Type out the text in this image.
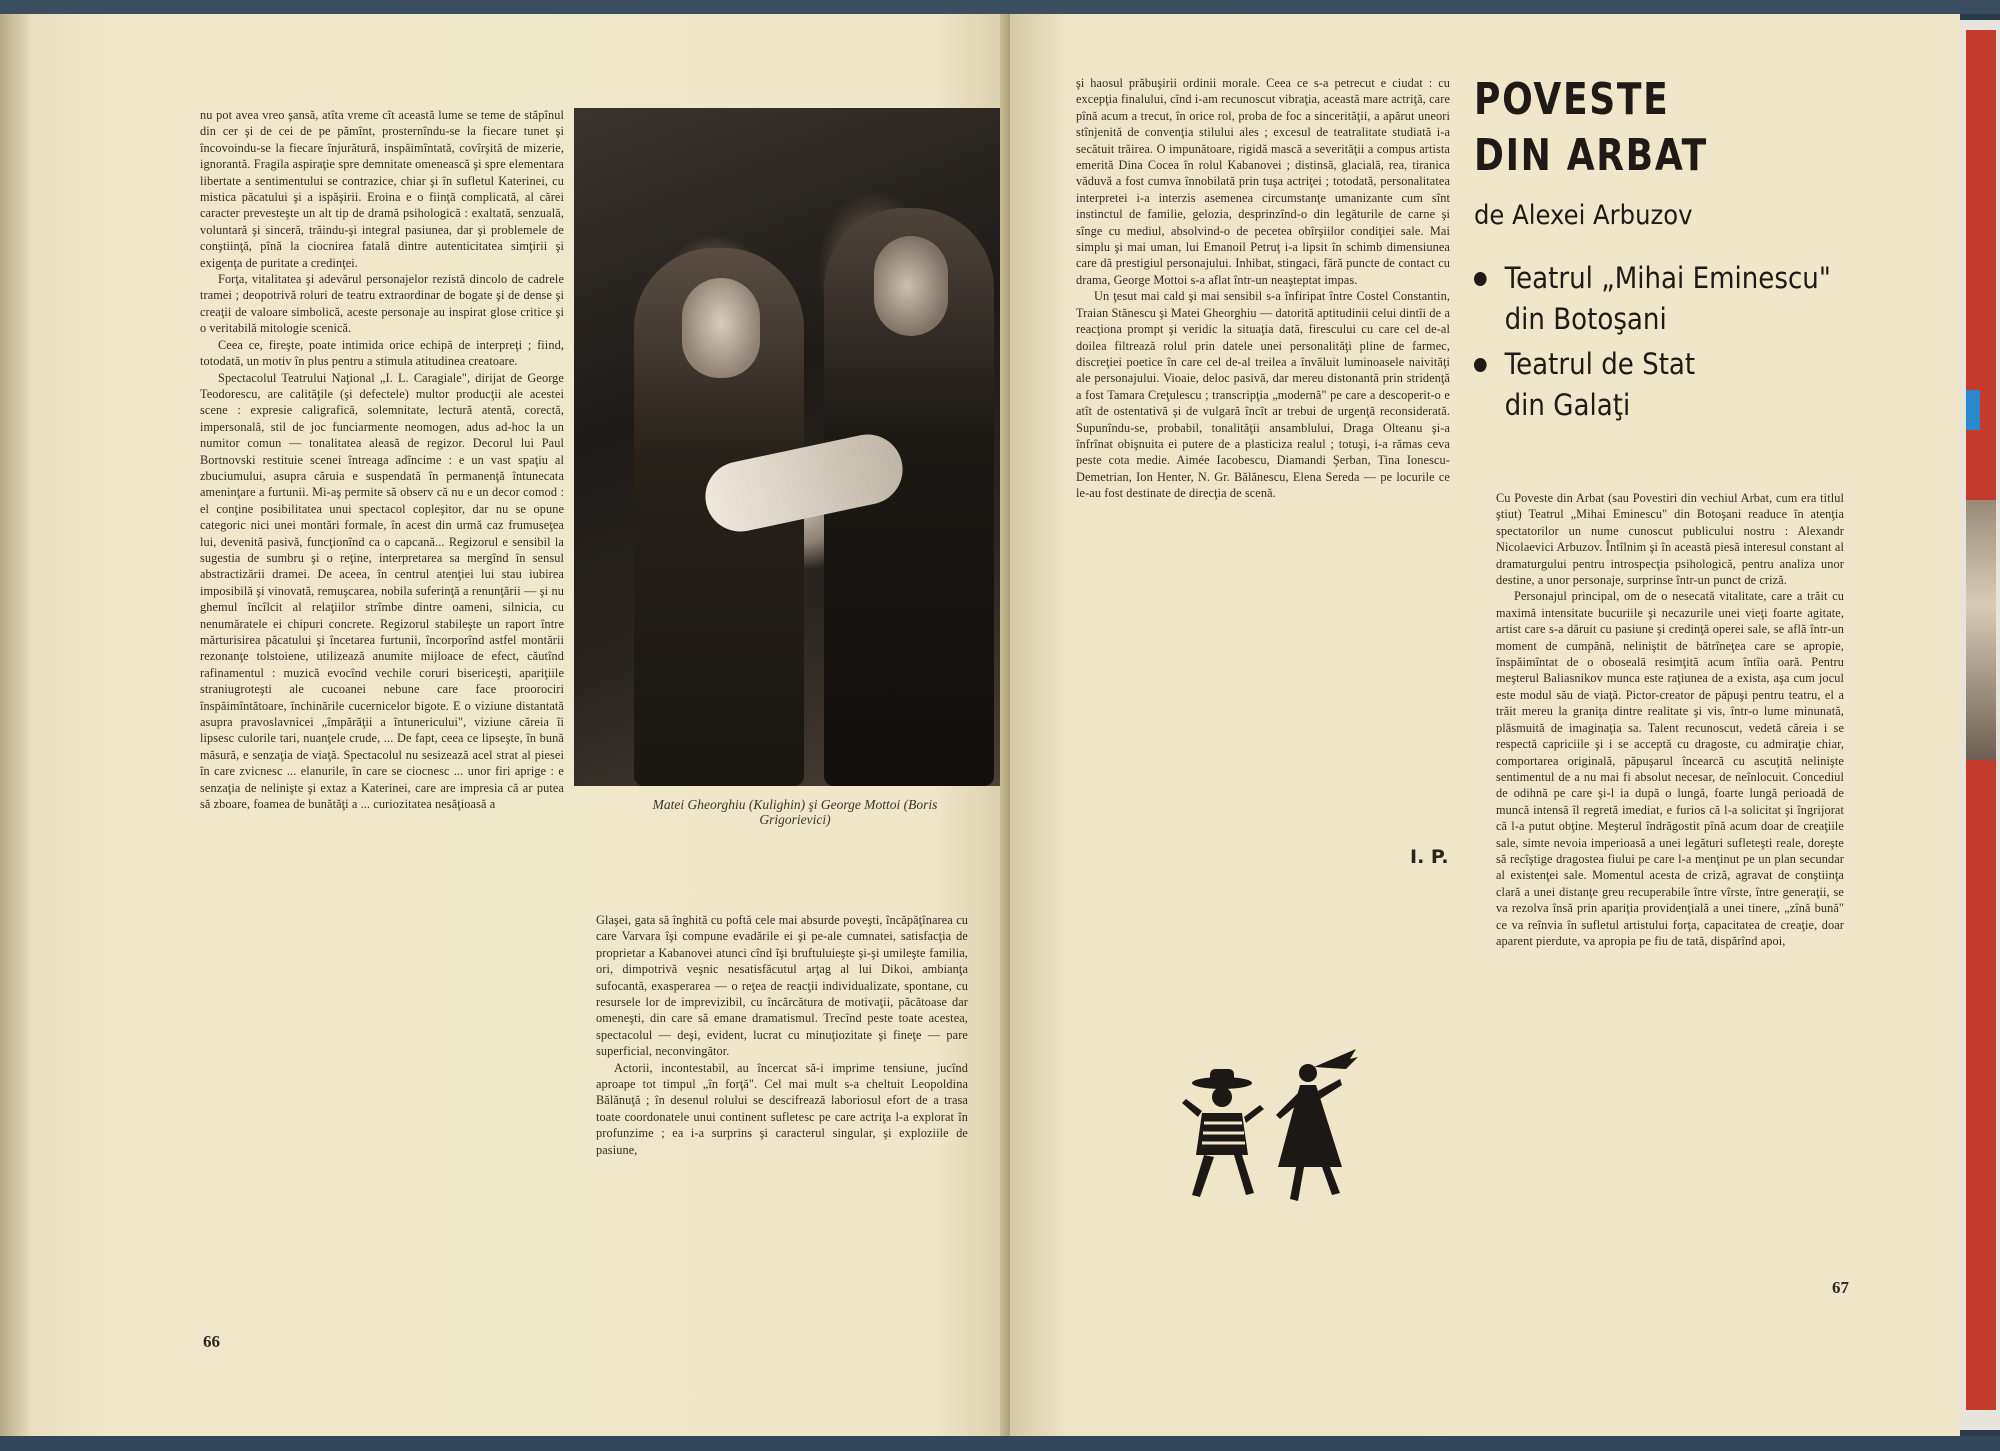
nu pot avea vreo şansă, atîta vreme cît această lume se teme de stăpînul din cer şi de cei de pe pămînt, prosternîndu-se la fiecare tunet şi încovoindu-se la fiecare înjurătură, inspăimîntată, covîrşită de mizerie, ignorantă. Fragila aspiraţie spre demnitate omenească şi spre elementara libertate a sentimentului se contrazice, chiar şi în sufletul Katerinei, cu mistica păcatului şi a ispăşirii. Eroina e o fiinţă complicată, al cărei caracter prevesteşte un alt tip de dramă psihologică : exaltată, senzuală, voluntară şi sinceră, trăindu-şi integral pasiunea, dar şi problemele de conştiinţă, pînă la ciocnirea fatală dintre autenticitatea simţirii şi exigenţa de puritate a credinţei.

Forţa, vitalitatea şi adevărul personajelor rezistă dincolo de cadrele tramei ; deopotrivă roluri de teatru extraordinar de bogate şi de dense şi creaţii de valoare simbolică, aceste personaje au inspirat glose critice şi o veritabilă mitologie scenică.

Ceea ce, fireşte, poate intimida orice echipă de interpreţi ; fiind, totodată, un motiv în plus pentru a stimula atitudinea creatoare.

Spectacolul Teatrului Naţional „I. L. Caragiale", dirijat de George Teodorescu, are calităţile (şi defectele) multor producţii ale acestei scene : expresie caligrafică, solemnitate, lectură atentă, corectă, impersonală, stil de joc funciarmente neomogen, adus ad-hoc la un numitor comun — tonalitatea aleasă de regizor. Decorul lui Paul Bortnovski restituie scenei întreaga adîncime : e un vast spaţiu al zbuciumului, asupra căruia e suspendată în permanenţă întunecata ameninţare a furtunii. Mi-aş permite să observ că nu e un decor comod : el conţine posibilitatea unui spectacol copleşitor, dar nu se opune categoric nici unei montări formale, în acest din urmă caz frumuseţea lui, devenită pasivă, funcţionînd ca o capcană... Regizorul e sensibil la sugestia de sumbru şi o reţine, interpretarea sa mergînd în sensul abstractizării dramei. De aceea, în centrul atenţiei lui stau iubirea imposibilă şi vinovată, remuşcarea, nobila suferinţă a renunţării — şi nu ghemul încîlcit al relaţiilor strîmbe dintre oameni, silnicia, cu nenumăratele ei chipuri concrete. Regizorul stabileşte un raport între mărturisirea păcatului şi încetarea furtunii, încorporînd astfel montării rezonanţe tolstoiene, utilizează anumite mijloace de efect, căutînd rafinamentul : muzică evocînd vechile coruri bisericeşti, apariţiile straniugroteşti ale cucoanei nebune care face proorociri înspăimîntătoare, închinările cucernicelor bigote. E o viziune distantată asupra pravoslavnicei „împărăţii a întunericului", viziune căreia îi lipsesc culorile tari, nuanţele crude, ... De fapt, ceea ce lipseşte, în bună măsură, e senzaţia de viaţă. Spectacolul nu sesizează acel strat al piesei în care zvicnesc ... elanurile, în care se ciocnesc ... unor firi aprige : e senzaţia de nelinişte şi extaz a Katerinei, care are impresia că ar putea să zboare, foamea de bunătăţi a ... curiozitatea nesăţioasă a	Matei Gheorghiu (Kulighin) şi George Mottoi (Boris Grigorievici)

Glaşei, gata să înghită cu poftă cele mai absurde poveşti, încăpăţînarea cu care Varvara îşi compune evadările ei şi pe-ale cumnatei, satisfacţia de proprietar a Kabanovei atunci cînd îşi bruftuluieşte şi-şi umileşte familia, ori, dimpotrivă veşnic nesatisfăcutul arţag al lui Dikoi, ambianţa sufocantă, exasperarea — o reţea de reacţii individualizate, spontane, cu resursele lor de imprevizibil, cu încărcătura de motivaţii, păcătoase dar omeneşti, din care să emane dramatismul. Trecînd peste toate acestea, spectacolul — deşi, evident, lucrat cu minuţiozitate şi fineţe — pare superficial, neconvingător.

Actorii, incontestabil, au încercat să-i imprime tensiune, jucînd aproape tot timpul „în forţă". Cel mai mult s-a cheltuit Leopoldina Bălănuţă ; în desenul rolului se descifrează laboriosul efort de a trasa toate coordonatele unui continent sufletesc pe care actriţa l-a explorat în profunzime ; ea i-a surprins şi caracterul singular, şi exploziile de pasiune,

66

şi haosul prăbuşirii ordinii morale. Ceea ce s-a petrecut e ciudat : cu excepţia finalului, cînd i-am recunoscut vibraţia, această mare actriţă, care pînă acum a trecut, în orice rol, proba de foc a sincerităţii, a apărut uneori stînjenită de convenţia stilului ales ; excesul de teatralitate studiată i-a secătuit trăirea. O impunătoare, rigidă mască a severităţii a compus artista emerită Dina Cocea în rolul Kabanovei ; distinsă, glacială, rea, tiranica văduvă a fost cumva înnobilată prin tuşa actriţei ; totodată, personalitatea interpretei i-a interzis asemenea circumstanţe umanizante cum sînt instinctul de familie, gelozia, desprinzînd-o din legăturile de carne şi sînge cu mediul, absolvind-o de pecetea obîrşiilor condiţiei sale. Mai simplu şi mai uman, lui Emanoil Petruţ i-a lipsit în schimb dimensiunea care dă prestigiul personajului. Inhibat, stingaci, fără puncte de contact cu drama, George Mottoi s-a aflat într-un neaşteptat impas.

Un ţesut mai cald şi mai sensibil s-a înfiripat între Costel Constantin, Traian Stănescu şi Matei Gheorghiu — datorită aptitudinii celui dintîi de a reacţiona prompt şi veridic la situaţia dată, firescului cu care cel de-al doilea filtrează rolul prin datele unei personalităţi pline de farmec, discreţiei poetice în care cel de-al treilea a învăluit luminoasele naivităţi ale personajului. Vioaie, deloc pasivă, dar mereu distonantă prin stridenţă a fost Tamara Creţulescu ; transcripţia „modernă" pe care a descoperit-o e atît de ostentativă şi de vulgară încît ar trebui de urgenţă reconsiderată. Supunîndu-se, probabil, tonalităţii ansamblului, Draga Olteanu şi-a înfrînat obişnuita ei putere de a plasticiza realul ; totuşi, i-a rămas ceva peste cota medie. Aimée Iacobescu, Diamandi Şerban, Tina Ionescu-Demetrian, Ion Henter, N. Gr. Bălănescu, Elena Sereda — pe locurile ce le-au fost destinate de direcţia de scenă.

I. P.
POVESTE
DIN ARBAT
de Alexei Arbuzov
Teatrul „Mihai Eminescu"
din Botoşani
Teatrul de Stat
din Galaţi

Cu Poveste din Arbat (sau Povestiri din vechiul Arbat, cum era titlul ştiut) Teatrul „Mihai Eminescu" din Botoşani readuce în atenţia spectatorilor un nume cunoscut publicului nostru : Alexandr Nicolaevici Arbuzov. Întîlnim şi în această piesă interesul constant al dramaturgului pentru introspecţia psihologică, pentru analiza unor destine, a unor personaje, surprinse într-un punct de criză.

Personajul principal, om de o nesecată vitalitate, care a trăit cu maximă intensitate bucuriile şi necazurile unei vieţi foarte agitate, artist care s-a dăruit cu pasiune şi credinţă operei sale, se află într-un moment de cumpănă, neliniştit de bătrîneţea care se apropie, înspăimîntat de o obosealā resimţită acum întîia oară. Pentru meşterul Baliasnikov munca este raţiunea de a exista, aşa cum jocul este modul său de viaţă. Pictor-creator de păpuşi pentru teatru, el a trăit mereu la graniţa dintre realitate şi vis, într-o lume minunată, plăsmuită de imaginaţia sa. Talent recunoscut, vedetă căreia i se respectă capriciile şi i se acceptă cu dragoste, cu admiraţie chiar, comportarea originală, păpuşarul încearcă cu ascuţită nelinişte sentimentul de a nu mai fi absolut necesar, de neînlocuit. Concediul de odihnă pe care şi-l ia după o lungă, foarte lungă perioadă de muncă intensă îl regretă imediat, e furios că l-a solicitat şi îngrijorat că l-a putut obţine. Meşterul îndrăgostit pînă acum doar de creaţiile sale, simte nevoia imperioasă a unei legături sufleteşti reale, doreşte să recîştige dragostea fiului pe care l-a menţinut pe un plan secundar al existenţei sale. Momentul acesta de criză, agravat de conştiinţa clară a unei distanţe greu recuperabile între vîrste, între generaţii, se va rezolva însă prin apariţia providenţială a unei tinere, „zînă bună" ce va reînvia în sufletul artistului forţa, capacitatea de creaţie, doar aparent pierdute, va apropia pe fiu de tată, dispărînd apoi,

67
